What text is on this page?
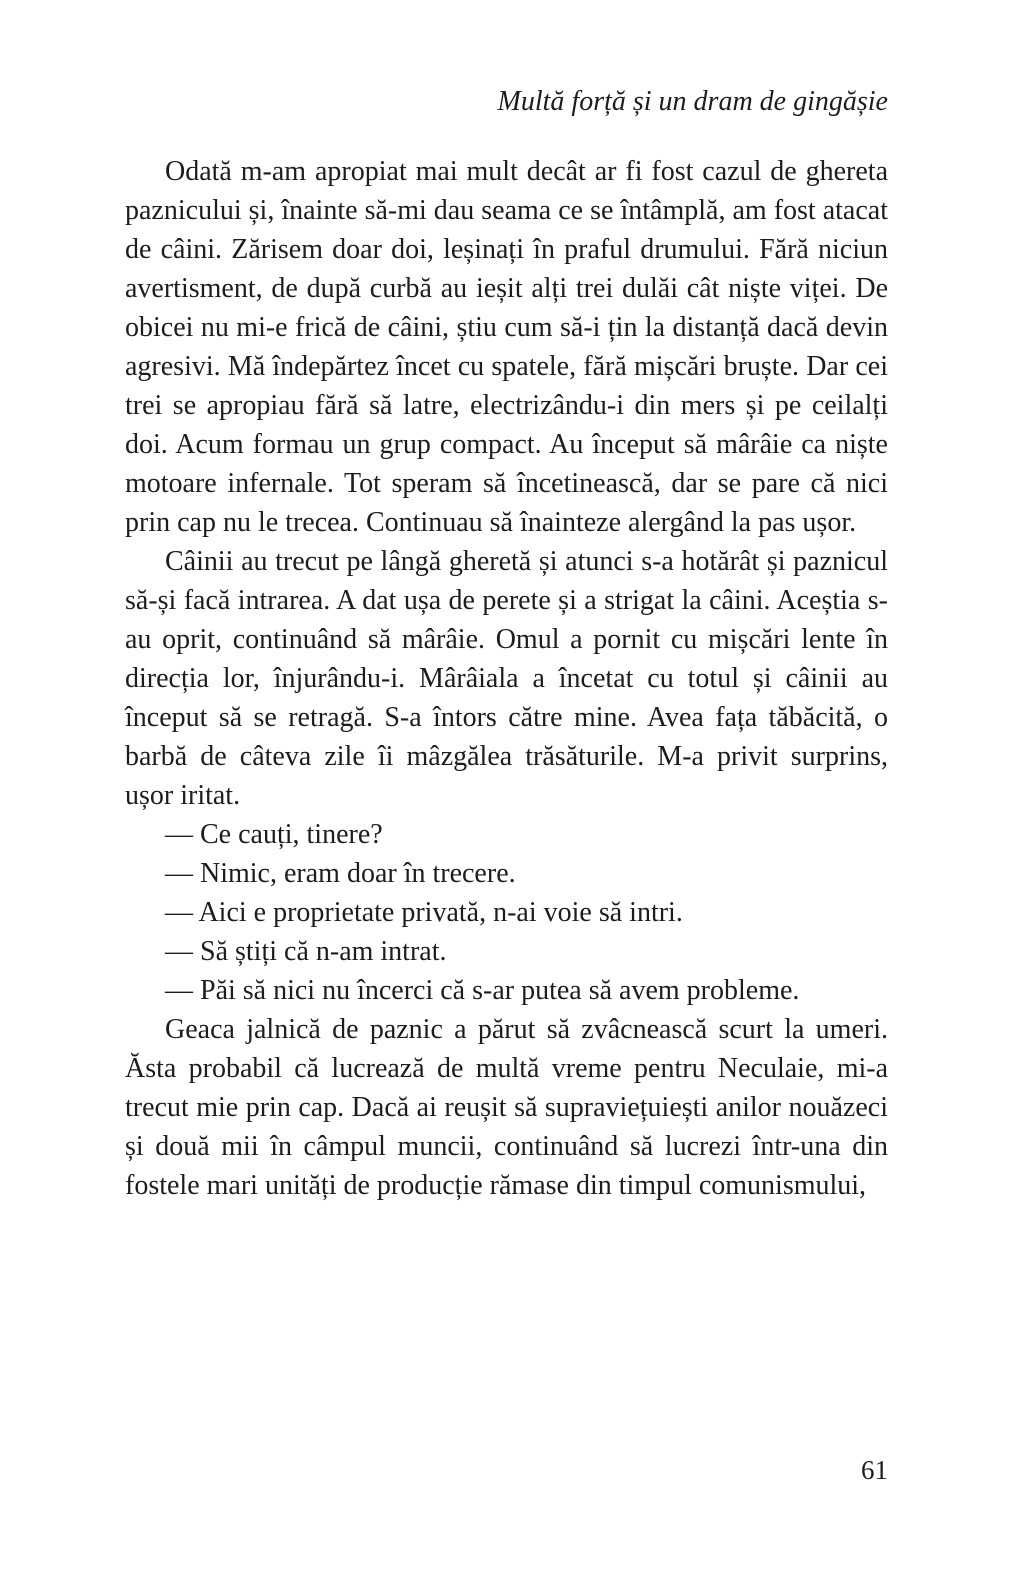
Multă forță și un dram de gingășie

Odată m-am apropiat mai mult decât ar fi fost cazul de ghereta paznicului și, înainte să-mi dau seama ce se întâmplă, am fost atacat de câini. Zărisem doar doi, leșinați în praful drumului. Fără niciun avertisment, de după curbă au ieșit alți trei dulăi cât niște viței. De obicei nu mi-e frică de câini, știu cum să-i țin la distanță dacă devin agresivi. Mă îndepărtez încet cu spatele, fără mișcări bruște. Dar cei trei se apropiau fără să latre, electrizându-i din mers și pe ceilalți doi. Acum formau un grup compact. Au început să mârâie ca niște motoare infernale. Tot speram să încetinească, dar se pare că nici prin cap nu le trecea. Continuau să înainteze alergând la pas ușor.

Câinii au trecut pe lângă gheretă și atunci s-a hotărât și paznicul să-și facă intrarea. A dat ușa de perete și a strigat la câini. Aceștia s-au oprit, continuând să mârâie. Omul a pornit cu mișcări lente în direcția lor, înjurându-i. Mârâiala a încetat cu totul și câinii au început să se retragă. S-a întors către mine. Avea fața tăbăcită, o barbă de câteva zile îi mâzgălea trăsăturile. M-a privit surprins, ușor iritat.

— Ce cauți, tinere?

— Nimic, eram doar în trecere.

— Aici e proprietate privată, n-ai voie să intri.

— Să știți că n-am intrat.

— Păi să nici nu încerci că s-ar putea să avem probleme.

Geaca jalnică de paznic a părut să zvâcnească scurt la umeri. Ăsta probabil că lucrează de multă vreme pentru Neculaie, mi-a trecut mie prin cap. Dacă ai reușit să supraviețuiești anilor nouăzeci și două mii în câmpul muncii, continuând să lucrezi într-una din fostele mari unități de producție rămase din timpul comunismului,

61
